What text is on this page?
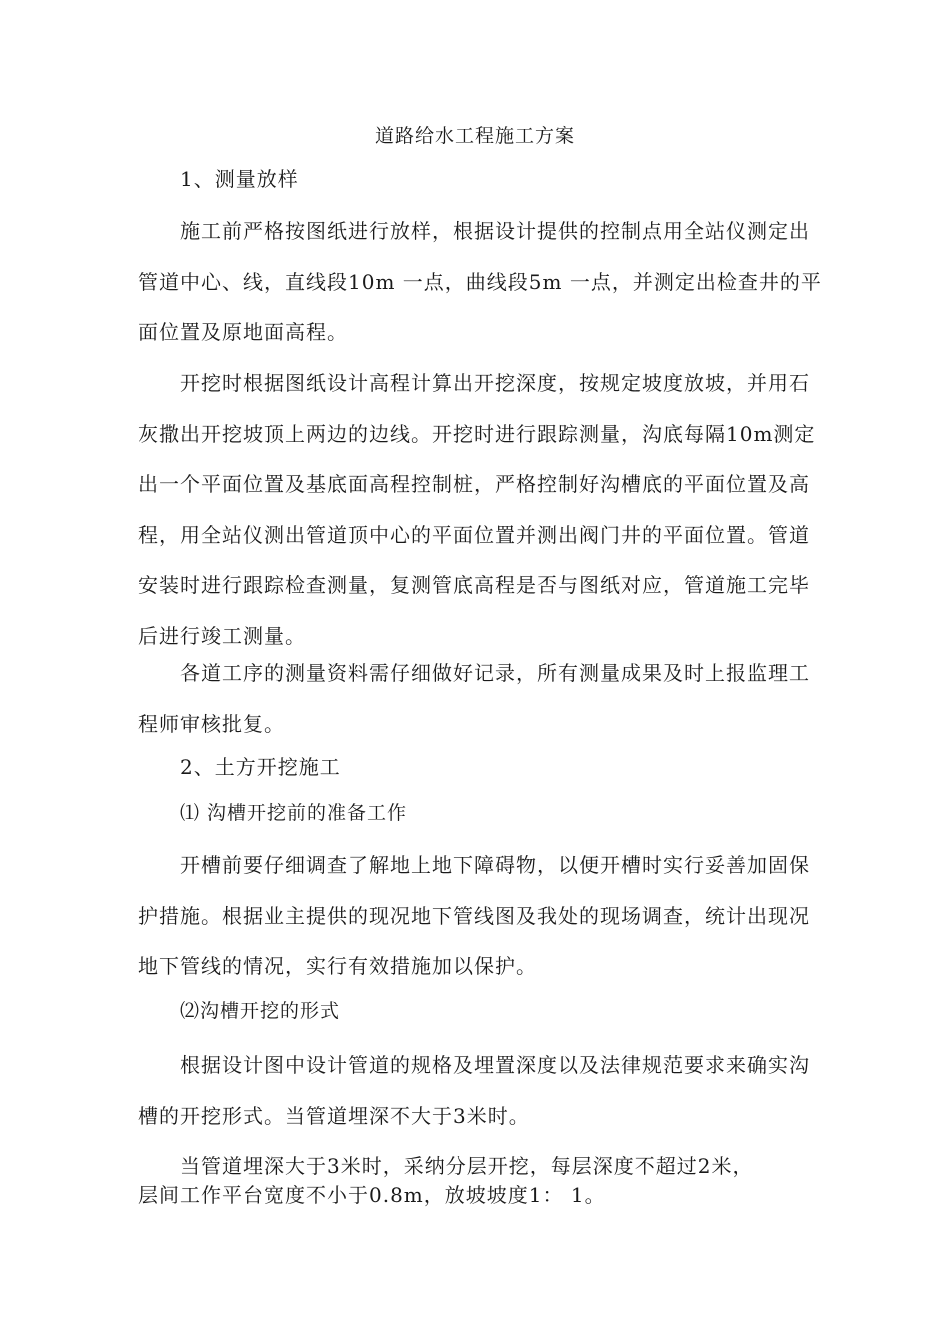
道路给水工程施工方案
1、测量放样
施工前严格按图纸进行放样，根据设计提供的控制点用全站仪测定出管道中心、线，直线段10m 一点，曲线段5m 一点，并测定出检查井的平面位置及原地面高程。
开挖时根据图纸设计高程计算出开挖深度，按规定坡度放坡，并用石灰撒出开挖坡顶上两边的边线。开挖时进行跟踪测量，沟底每隔10m测定出一个平面位置及基底面高程控制桩，严格控制好沟槽底的平面位置及高程，用全站仪测出管道顶中心的平面位置并测出阀门井的平面位置。管道安装时进行跟踪检查测量，复测管底高程是否与图纸对应，管道施工完毕后进行竣工测量。
各道工序的测量资料需仔细做好记录，所有测量成果及时上报监理工程师审核批复。
2、土方开挖施工
⑴ 沟槽开挖前的准备工作
开槽前要仔细调查了解地上地下障碍物，以便开槽时实行妥善加固保护措施。根据业主提供的现况地下管线图及我处的现场调查，统计出现况地下管线的情况，实行有效措施加以保护。
⑵沟槽开挖的形式
根据设计图中设计管道的规格及埋置深度以及法律规范要求来确实沟槽的开挖形式。当管道埋深不大于3米时。
当管道埋深大于3米时，采纳分层开挖，每层深度不超过2米，
层间工作平台宽度不小于0.8m，放坡坡度1： 1。
